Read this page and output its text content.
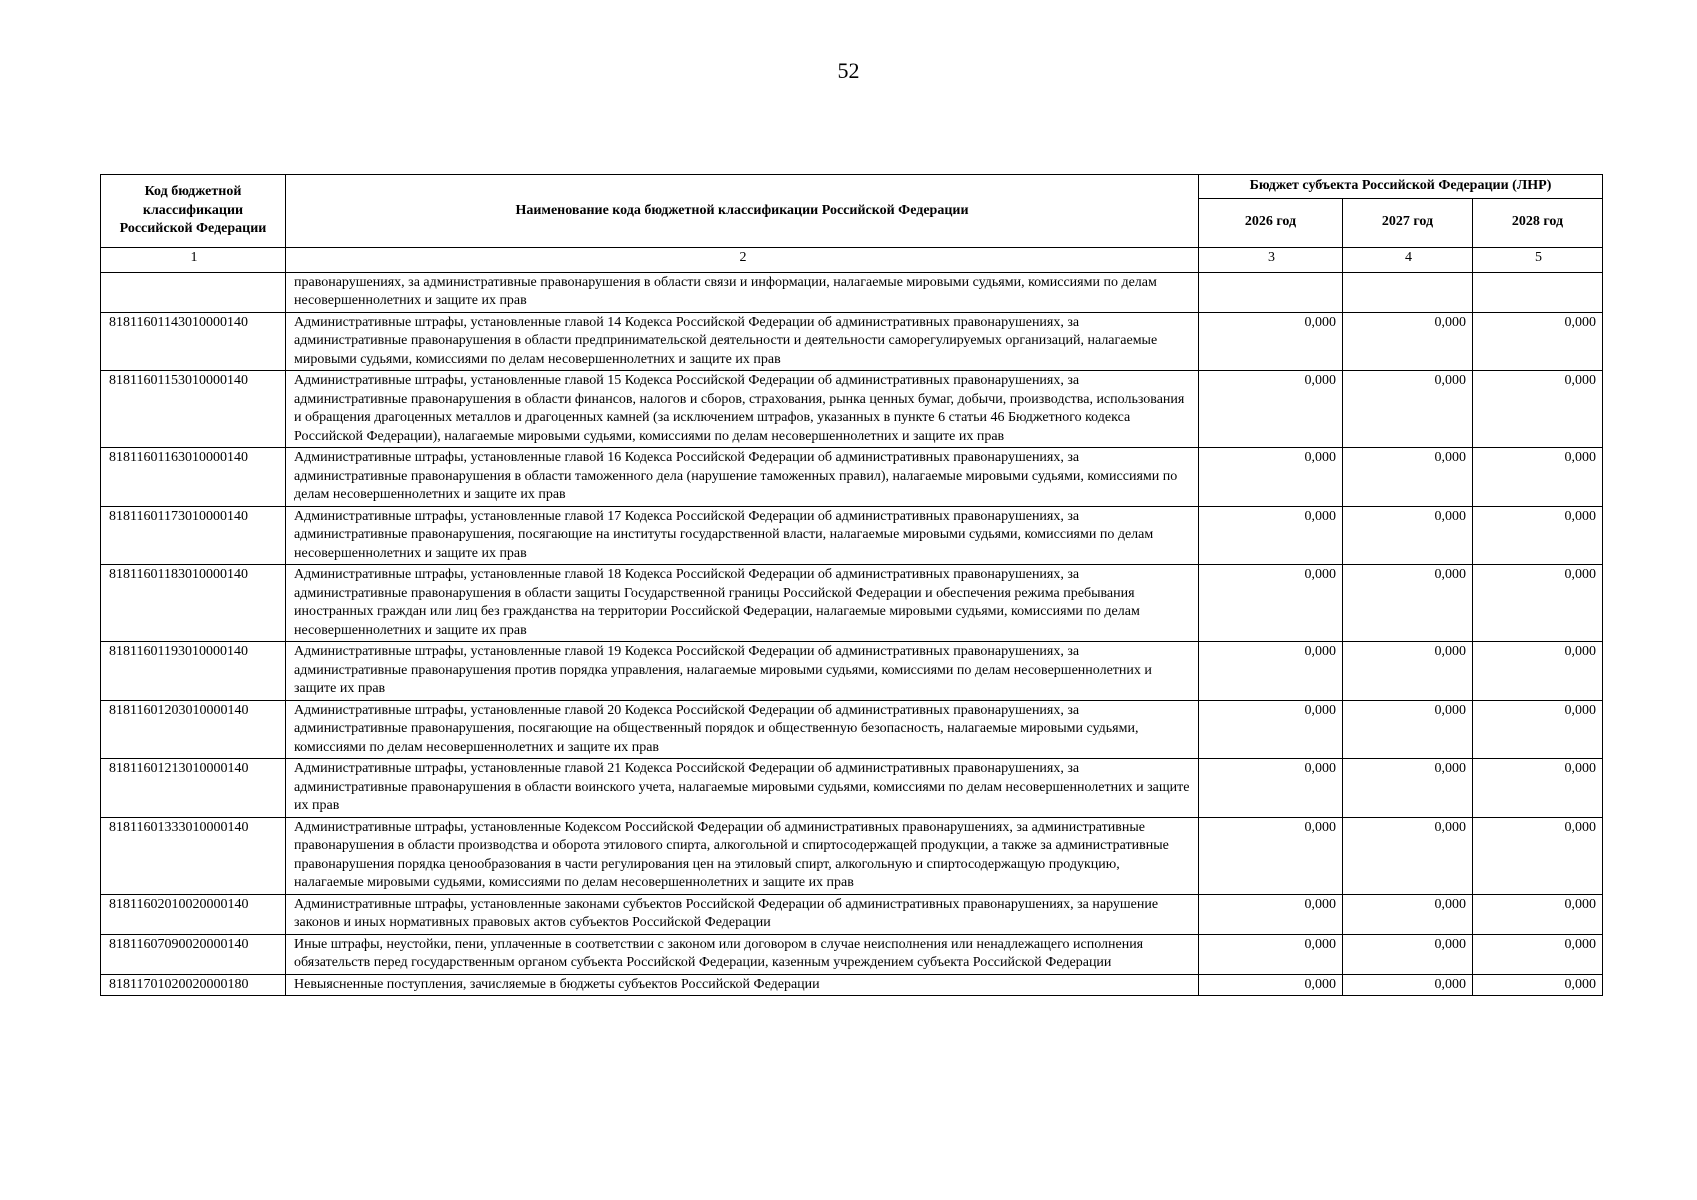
52
Код бюджетной классификации Российской Федерации	Наименование кода бюджетной классификации Российской Федерации	Бюджет субъекта Российской Федерации (ЛНР)		
		2026 год	2027 год	2028 год
1	2	3	4	5
	правонарушениях, за административные правонарушения в области связи и информации, налагаемые мировыми судьями, комиссиями по делам несовершеннолетних и защите их прав			
81811601143010000140	Административные штрафы, установленные главой 14 Кодекса Российской Федерации об административных правонарушениях, за административные правонарушения в области предпринимательской деятельности и деятельности саморегулируемых организаций, налагаемые мировыми судьями, комиссиями по делам несовершеннолетних и защите их прав	0,000	0,000	0,000
81811601153010000140	Административные штрафы, установленные главой 15 Кодекса Российской Федерации об административных правонарушениях, за административные правонарушения в области финансов, налогов и сборов, страхования, рынка ценных бумаг, добычи, производства, использования и обращения драгоценных металлов и драгоценных камней (за исключением штрафов, указанных в пункте 6 статьи 46 Бюджетного кодекса Российской Федерации), налагаемые мировыми судьями, комиссиями по делам несовершеннолетних и защите их прав	0,000	0,000	0,000
81811601163010000140	Административные штрафы, установленные главой 16 Кодекса Российской Федерации об административных правонарушениях, за административные правонарушения в области таможенного дела (нарушение таможенных правил), налагаемые мировыми судьями, комиссиями по делам несовершеннолетних и защите их прав	0,000	0,000	0,000
81811601173010000140	Административные штрафы, установленные главой 17 Кодекса Российской Федерации об административных правонарушениях, за административные правонарушения, посягающие на институты государственной власти, налагаемые мировыми судьями, комиссиями по делам несовершеннолетних и защите их прав	0,000	0,000	0,000
81811601183010000140	Административные штрафы, установленные главой 18 Кодекса Российской Федерации об административных правонарушениях, за административные правонарушения в области защиты Государственной границы Российской Федерации и обеспечения режима пребывания иностранных граждан или лиц без гражданства на территории Российской Федерации, налагаемые мировыми судьями, комиссиями по делам несовершеннолетних и защите их прав	0,000	0,000	0,000
81811601193010000140	Административные штрафы, установленные главой 19 Кодекса Российской Федерации об административных правонарушениях, за административные правонарушения против порядка управления, налагаемые мировыми судьями, комиссиями по делам несовершеннолетних и защите их прав	0,000	0,000	0,000
81811601203010000140	Административные штрафы, установленные главой 20 Кодекса Российской Федерации об административных правонарушениях, за административные правонарушения, посягающие на общественный порядок и общественную безопасность, налагаемые мировыми судьями, комиссиями по делам несовершеннолетних и защите их прав	0,000	0,000	0,000
81811601213010000140	Административные штрафы, установленные главой 21 Кодекса Российской Федерации об административных правонарушениях, за административные правонарушения в области воинского учета, налагаемые мировыми судьями, комиссиями по делам несовершеннолетних и защите их прав	0,000	0,000	0,000
81811601333010000140	Административные штрафы, установленные Кодексом Российской Федерации об административных правонарушениях, за административные правонарушения в области производства и оборота этилового спирта, алкогольной и спиртосодержащей продукции, а также за административные правонарушения порядка ценообразования в части регулирования цен на этиловый спирт, алкогольную и спиртосодержащую продукцию, налагаемые мировыми судьями, комиссиями по делам несовершеннолетних и защите их прав	0,000	0,000	0,000
81811602010020000140	Административные штрафы, установленные законами субъектов Российской Федерации об административных правонарушениях, за нарушение законов и иных нормативных правовых актов субъектов Российской Федерации	0,000	0,000	0,000
81811607090020000140	Иные штрафы, неустойки, пени, уплаченные в соответствии с законом или договором в случае неисполнения или ненадлежащего исполнения обязательств перед государственным органом субъекта Российской Федерации, казенным учреждением субъекта Российской Федерации	0,000	0,000	0,000
81811701020020000180	Невыясненные поступления, зачисляемые в бюджеты субъектов Российской Федерации	0,000	0,000	0,000
